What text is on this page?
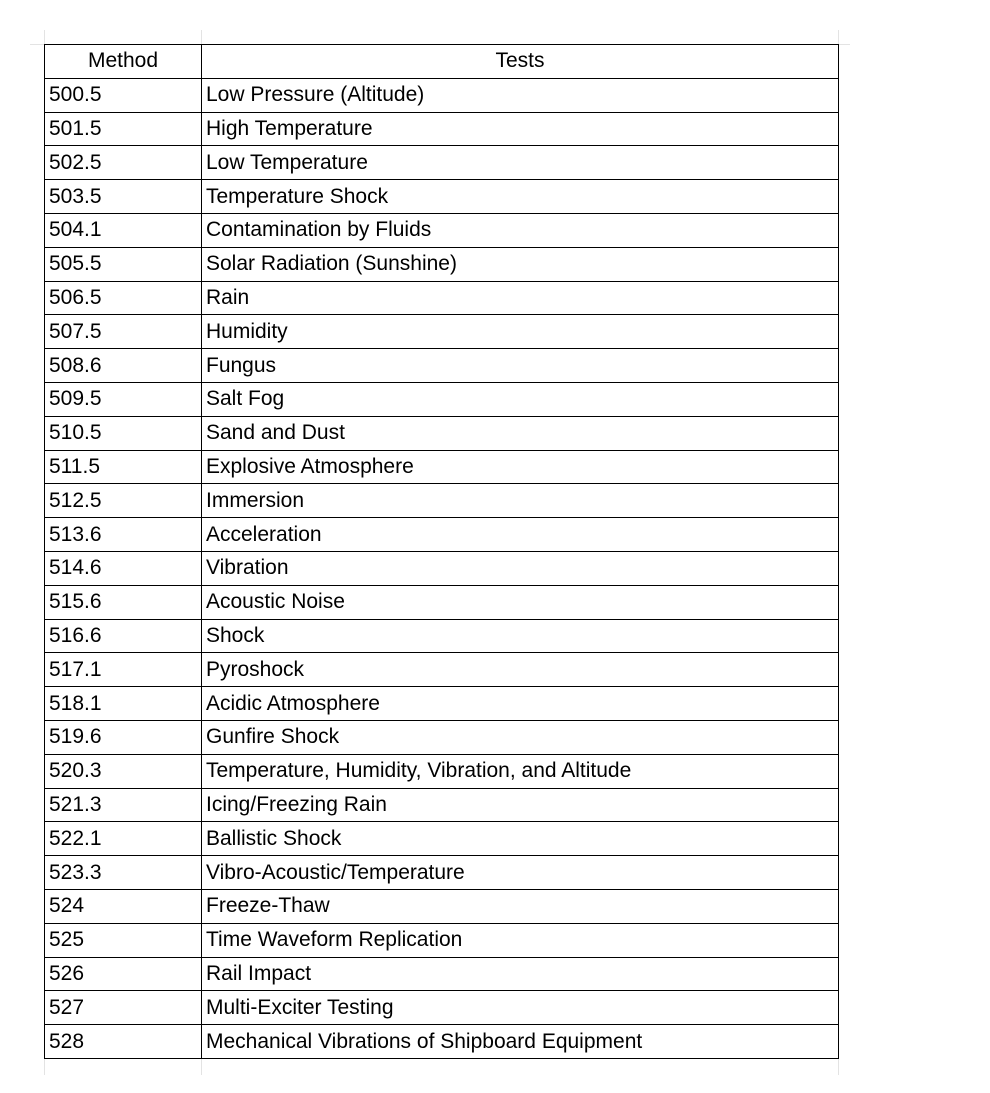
Method	Tests
500.5	Low Pressure (Altitude)
501.5	High Temperature
502.5	Low Temperature
503.5	Temperature Shock
504.1	Contamination by Fluids
505.5	Solar Radiation (Sunshine)
506.5	Rain
507.5	Humidity
508.6	Fungus
509.5	Salt Fog
510.5	Sand and Dust
511.5	Explosive Atmosphere
512.5	Immersion
513.6	Acceleration
514.6	Vibration
515.6	Acoustic Noise
516.6	Shock
517.1	Pyroshock
518.1	Acidic Atmosphere
519.6	Gunfire Shock
520.3	Temperature, Humidity, Vibration, and Altitude
521.3	Icing/Freezing Rain
522.1	Ballistic Shock
523.3	Vibro-Acoustic/Temperature
524	Freeze-Thaw
525	Time Waveform Replication
526	Rail Impact
527	Multi-Exciter Testing
528	Mechanical Vibrations of Shipboard Equipment
